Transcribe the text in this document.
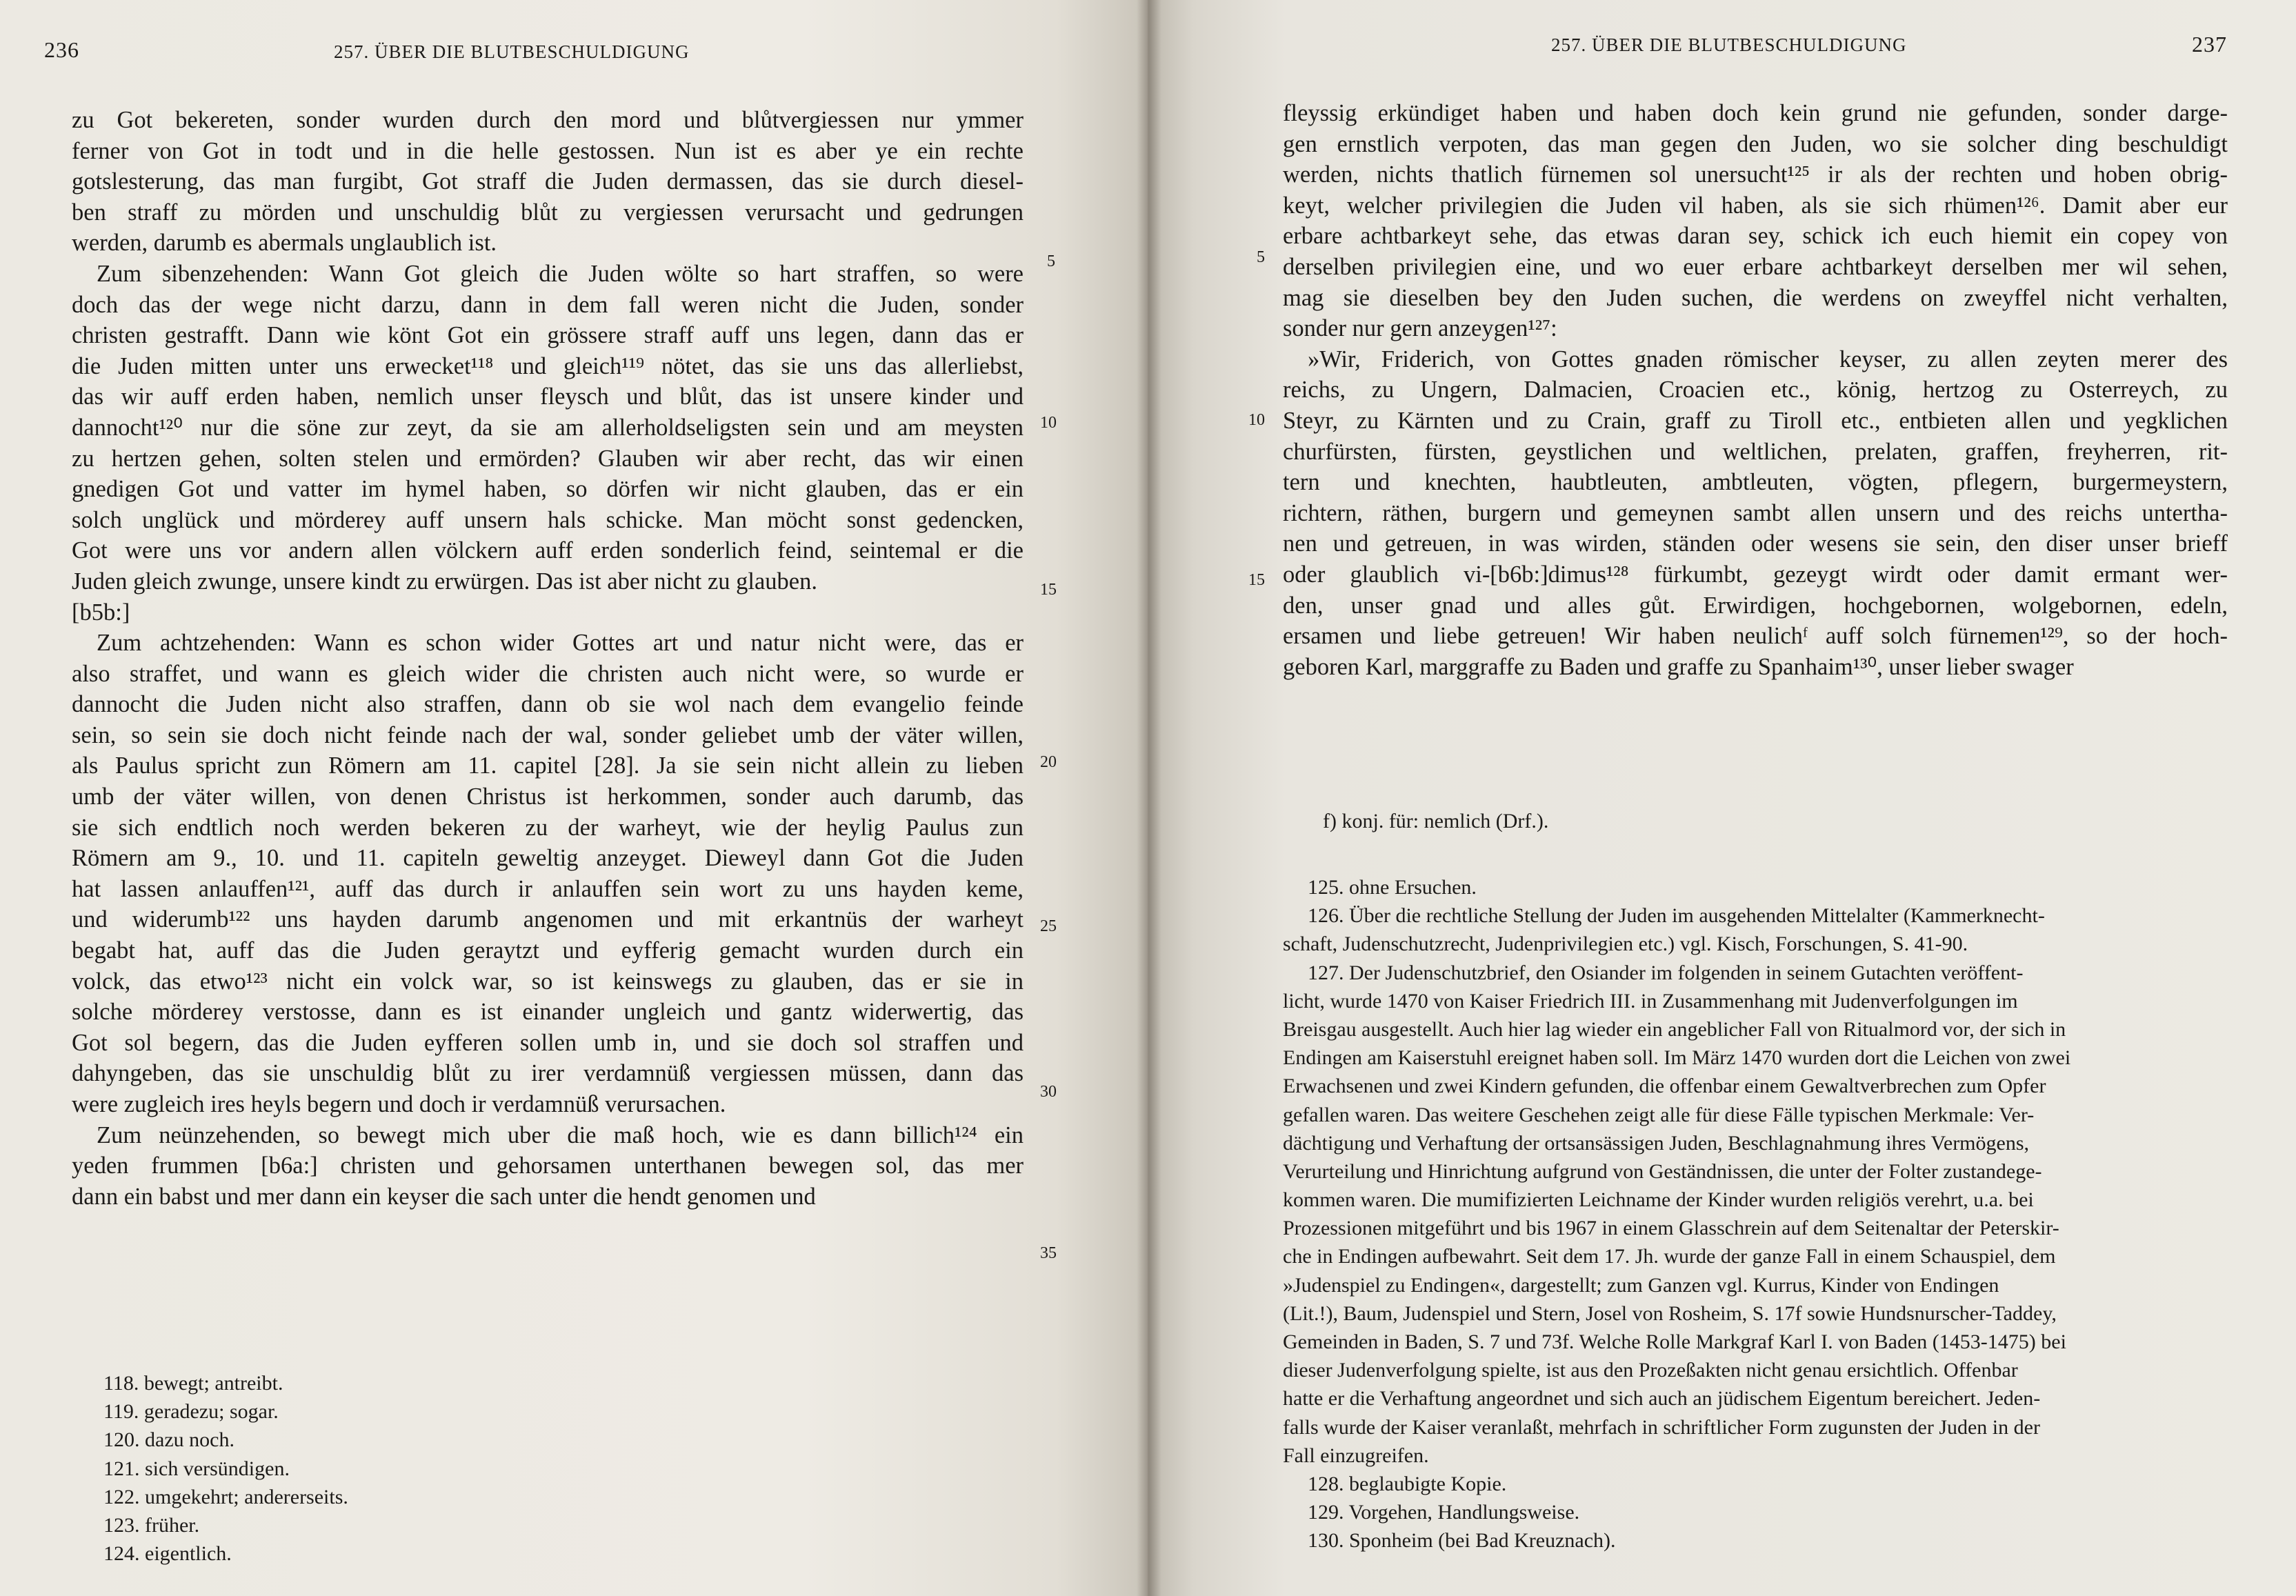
236	257. ÜBER DIE BLUTBESCHULDIGUNG
zu Got bekereten, sonder wurden durch den mord und blůtvergiessen nur ymmer
ferner von Got in todt und in die helle gestossen. Nun ist es aber ye ein rechte
gotslesterung, das man furgibt, Got straff die Juden dermassen, das sie durch diesel-
ben straff zu mörden und unschuldig blůt zu vergiessen verursacht und gedrungen
werden, darumb es abermals unglaublich ist.
Zum sibenzehenden: Wann Got gleich die Juden wölte so hart straffen, so were
doch das der wege nicht darzu, dann in dem fall weren nicht die Juden, sonder
christen gestrafft. Dann wie könt Got ein grössere straff auff uns legen, dann das er
die Juden mitten unter uns erwecket¹¹⁸ und gleich¹¹⁹ nötet, das sie uns das allerliebst,
das wir auff erden haben, nemlich unser fleysch und blůt, das ist unsere kinder und
dannocht¹²⁰ nur die söne zur zeyt, da sie am allerholdseligsten sein und am meysten
zu hertzen gehen, solten stelen und ermörden? Glauben wir aber recht, das wir einen
gnedigen Got und vatter im hymel haben, so dörfen wir nicht glauben, das er ein
solch unglück und mörderey auff unsern hals schicke. Man möcht sonst gedencken,
Got were uns vor andern allen völckern auff erden sonderlich feind, seintemal er die
Juden gleich zwunge, unsere kindt zu erwürgen. Das ist aber nicht zu glauben.
[b5b:]
Zum achtzehenden: Wann es schon wider Gottes art und natur nicht were, das er
also straffet, und wann es gleich wider die christen auch nicht were, so wurde er
dannocht die Juden nicht also straffen, dann ob sie wol nach dem evangelio feinde
sein, so sein sie doch nicht feinde nach der wal, sonder geliebet umb der väter willen,
als Paulus spricht zun Römern am 11. capitel [28]. Ja sie sein nicht allein zu lieben
umb der väter willen, von denen Christus ist herkommen, sonder auch darumb, das
sie sich endtlich noch werden bekeren zu der warheyt, wie der heylig Paulus zun
Römern am 9., 10. und 11. capiteln geweltig anzeyget. Dieweyl dann Got die Juden
hat lassen anlauffen¹²¹, auff das durch ir anlauffen sein wort zu uns hayden keme,
und widerumb¹²² uns hayden darumb angenomen und mit erkantnüs der warheyt
begabt hat, auff das die Juden geraytzt und eyfferig gemacht wurden durch ein
volck, das etwo¹²³ nicht ein volck war, so ist keinswegs zu glauben, das er sie in
solche mörderey verstosse, dann es ist einander ungleich und gantz widerwertig, das
Got sol begern, das die Juden eyfferen sollen umb in, und sie doch sol straffen und
dahyngeben, das sie unschuldig blůt zu irer verdamnüß vergiessen müssen, dann das
were zugleich ires heyls begern und doch ir verdamnüß verursachen.
Zum neünzehenden, so bewegt mich uber die maß hoch, wie es dann billich¹²⁴ ein
yeden frummen [b6a:] christen und gehorsamen unterthanen bewegen sol, das mer
dann ein babst und mer dann ein keyser die sach unter die hendt genomen und
5
10
15
20
25
30
35
118. bewegt; antreibt.
119. geradezu; sogar.
120. dazu noch.
121. sich versündigen.
122. umgekehrt; andererseits.
123. früher.
124. eigentlich.
257. ÜBER DIE BLUTBESCHULDIGUNG	237
fleyssig erkündiget haben und haben doch kein grund nie gefunden, sonder darge-
gen ernstlich verpoten, das man gegen den Juden, wo sie solcher ding beschuldigt
werden, nichts thatlich fürnemen sol unersucht¹²⁵ ir als der rechten und hoben obrig-
keyt, welcher privilegien die Juden vil haben, als sie sich rhümen¹²⁶. Damit aber eur
erbare achtbarkeyt sehe, das etwas daran sey, schick ich euch hiemit ein copey von
derselben privilegien eine, und wo euer erbare achtbarkeyt derselben mer wil sehen,
mag sie dieselben bey den Juden suchen, die werdens on zweyffel nicht verhalten,
sonder nur gern anzeygen¹²⁷:
»Wir, Friderich, von Gottes gnaden römischer keyser, zu allen zeyten merer des
reichs, zu Ungern, Dalmacien, Croacien etc., könig, hertzog zu Osterreych, zu
Steyr, zu Kärnten und zu Crain, graff zu Tiroll etc., entbieten allen und yegklichen
churfürsten, fürsten, geystlichen und weltlichen, prelaten, graffen, freyherren, rit-
tern und knechten, haubtleuten, ambtleuten, vögten, pflegern, burgermeystern,
richtern, räthen, burgern und gemeynen sambt allen unsern und des reichs untertha-
nen und getreuen, in was wirden, ständen oder wesens sie sein, den diser unser brieff
oder glaublich vi-[b6b:]dimus¹²⁸ fürkumbt, gezeygt wirdt oder damit ermant wer-
den, unser gnad und alles gůt. Erwirdigen, hochgebornen, wolgebornen, edeln,
ersamen und liebe getreuen! Wir haben neulichᶠ auff solch fürnemen¹²⁹, so der hoch-
geboren Karl, marggraffe zu Baden und graffe zu Spanhaim¹³⁰, unser lieber swager
5
10
15
f) konj. für: nemlich (Drf.).
125. ohne Ersuchen.
126. Über die rechtliche Stellung der Juden im ausgehenden Mittelalter (Kammerknecht-
schaft, Judenschutzrecht, Judenprivilegien etc.) vgl. Kisch, Forschungen, S. 41-90.
127. Der Judenschutzbrief, den Osiander im folgenden in seinem Gutachten veröffent-
licht, wurde 1470 von Kaiser Friedrich III. in Zusammenhang mit Judenverfolgungen im
Breisgau ausgestellt. Auch hier lag wieder ein angeblicher Fall von Ritualmord vor, der sich in
Endingen am Kaiserstuhl ereignet haben soll. Im März 1470 wurden dort die Leichen von zwei
Erwachsenen und zwei Kindern gefunden, die offenbar einem Gewaltverbrechen zum Opfer
gefallen waren. Das weitere Geschehen zeigt alle für diese Fälle typischen Merkmale: Ver-
dächtigung und Verhaftung der ortsansässigen Juden, Beschlagnahmung ihres Vermögens,
Verurteilung und Hinrichtung aufgrund von Geständnissen, die unter der Folter zustandege-
kommen waren. Die mumifizierten Leichname der Kinder wurden religiös verehrt, u.a. bei
Prozessionen mitgeführt und bis 1967 in einem Glasschrein auf dem Seitenaltar der Peterskir-
che in Endingen aufbewahrt. Seit dem 17. Jh. wurde der ganze Fall in einem Schauspiel, dem
»Judenspiel zu Endingen«, dargestellt; zum Ganzen vgl. Kurrus, Kinder von Endingen
(Lit.!), Baum, Judenspiel und Stern, Josel von Rosheim, S. 17f sowie Hundsnurscher-Taddey,
Gemeinden in Baden, S. 7 und 73f. Welche Rolle Markgraf Karl I. von Baden (1453-1475) bei
dieser Judenverfolgung spielte, ist aus den Prozeßakten nicht genau ersichtlich. Offenbar
hatte er die Verhaftung angeordnet und sich auch an jüdischem Eigentum bereichert. Jeden-
falls wurde der Kaiser veranlaßt, mehrfach in schriftlicher Form zugunsten der Juden in der
Fall einzugreifen.
128. beglaubigte Kopie.
129. Vorgehen, Handlungsweise.
130. Sponheim (bei Bad Kreuznach).
